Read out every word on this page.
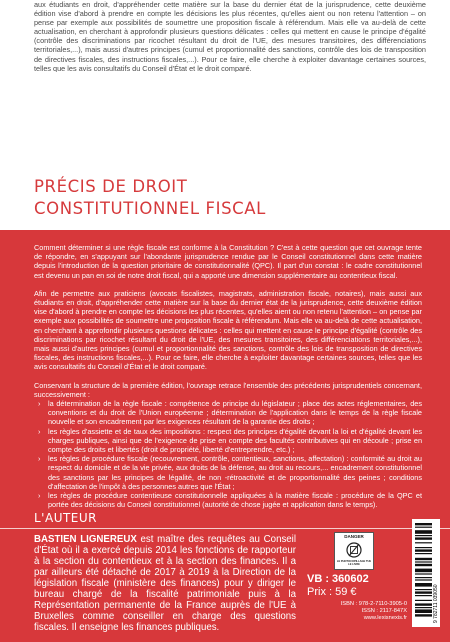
aux étudiants en droit, d'appréhender cette matière sur la base du dernier état de la jurisprudence, cette deuxième édition vise d'abord à prendre en compte les décisions les plus récentes, qu'elles aient ou non retenu l'attention – on pense par exemple aux possibilités de soumettre une proposition fiscale à référendum. Mais elle va au-delà de cette actualisation, en cherchant à approfondir plusieurs questions délicates : celles qui mettent en cause le principe d'égalité (contrôle des discriminations par ricochet résultant du droit de l'UE, des mesures transitoires, des différenciations territoriales,...), mais aussi d'autres principes (cumul et proportionnalité des sanctions, contrôle des lois de transposition de directives fiscales, des instructions fiscales,...). Pour ce faire, elle cherche à exploiter davantage certaines sources, telles que les avis consultatifs du Conseil d'État et le droit comparé.
PRÉCIS DE DROIT
CONSTITUTIONNEL FISCAL

Comment déterminer si une règle fiscale est conforme à la Constitution ? C'est à cette question que cet ouvrage tente de répondre, en s'appuyant sur l'abondante jurisprudence rendue par le Conseil constitutionnel dans cette matière depuis l'introduction de la question prioritaire de constitutionnalité (QPC). Il part d'un constat : le cadre constitutionnel est devenu un pan en soi de notre droit fiscal, qui a apporté une dimension supplémentaire au contentieux fiscal.

Afin de permettre aux praticiens (avocats fiscalistes, magistrats, administration fiscale, notaires), mais aussi aux étudiants en droit, d'appréhender cette matière sur la base du dernier état de la jurisprudence, cette deuxième édition vise d'abord à prendre en compte les décisions les plus récentes, qu'elles aient ou non retenu l'attention – on pense par exemple aux possibilités de soumettre une proposition fiscale à référendum. Mais elle va au-delà de cette actualisation, en cherchant à approfondir plusieurs questions délicates : celles qui mettent en cause le principe d'égalité (contrôle des discriminations par ricochet résultant du droit de l'UE, des mesures transitoires, des différenciations territoriales,...), mais aussi d'autres principes (cumul et proportionnalité des sanctions, contrôle des lois de transposition de directives fiscales, des instructions fiscales,...). Pour ce faire, elle cherche à exploiter davantage certaines sources, telles que les avis consultatifs du Conseil d'État et le droit comparé.

Conservant la structure de la première édition, l'ouvrage retrace l'ensemble des précédents jurisprudentiels concernant, successivement :

› la détermination de la règle fiscale : compétence de principe du législateur ; place des actes réglementaires, des conventions et du droit de l'Union européenne ; détermination de l'application dans le temps de la règle fiscale nouvelle et son encadrement par les exigences résultant de la garantie des droits ;
› les règles d'assiette et de taux des impositions : respect des principes d'égalité devant la loi et d'égalité devant les charges publiques, ainsi que de l'exigence de prise en compte des facultés contributives qui en découle ; prise en compte des droits et libertés (droit de propriété, liberté d'entreprendre, etc.) ;
› les règles de procédure fiscale (recouvrement, contrôle, contentieux, sanctions, affectation) : conformité au droit au respect du domicile et de la vie privée, aux droits de la défense, au droit au recours,... encadrement constitutionnel des sanctions par les principes de légalité, de non -rétroactivité et de proportionnalité des peines ; conditions d'affectation de l'impôt à des personnes autres que l'État ;
› les règles de procédure contentieuse constitutionnelle appliquées à la matière fiscale : procédure de la QPC et portée des décisions du Conseil constitutionnel (autorité de chose jugée et application dans le temps).
L'AUTEUR
BASTIEN LIGNEREUX est maître des requêtes au Conseil d'État où il a exercé depuis 2014 les fonctions de rapporteur à la section du contentieux et à la section des finances. Il a par ailleurs été détaché de 2017 à 2019 à la Direction de la législation fiscale (ministère des finances) pour y diriger le bureau chargé de la fiscalité patrimoniale puis à la Représentation permanente de la France auprès de l'UE à Bruxelles comme conseiller en charge des questions fiscales. Il enseigne les finances publiques.
DANGER
LE PHOTOCOPILLAGE TUE LE LIVRE
VB : 360602
Prix : 59 €
ISBN : 978-2-7110-3905-0
ISSN : 2117-847X
www.lexisnexis.fr	9 782711 039050
